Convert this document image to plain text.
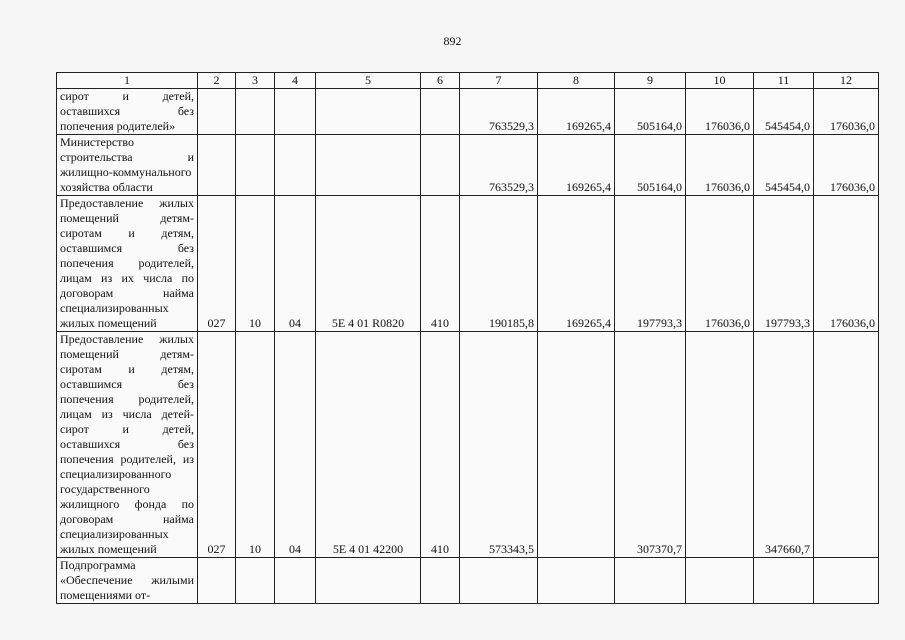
892
1	2	3	4	5	6	7	8	9	10	11	12
сирот и детей, оставшихся без попечения родителей»						763529,3	169265,4	505164,0	176036,0	545454,0	176036,0
Министерство строительства и жилищно-коммунального хозяйства области						763529,3	169265,4	505164,0	176036,0	545454,0	176036,0
Предоставление жилых помещений детям-сиротам и детям, оставшимся без попечения родителей, лицам из их числа по договорам найма специализированных жилых помещений	027	10	04	5Е 4 01 R0820	410	190185,8	169265,4	197793,3	176036,0	197793,3	176036,0
Предоставление жилых помещений детям-сиротам и детям, оставшимся без попечения родителей, лицам из числа детей-сирот и детей, оставшихся без попечения родителей, из специализированного государственного жилищного фонда по договорам найма специализированных жилых помещений	027	10	04	5Е 4 01 42200	410	573343,5		307370,7		347660,7	
Подпрограмма «Обеспечение жилыми помещениями от-											
